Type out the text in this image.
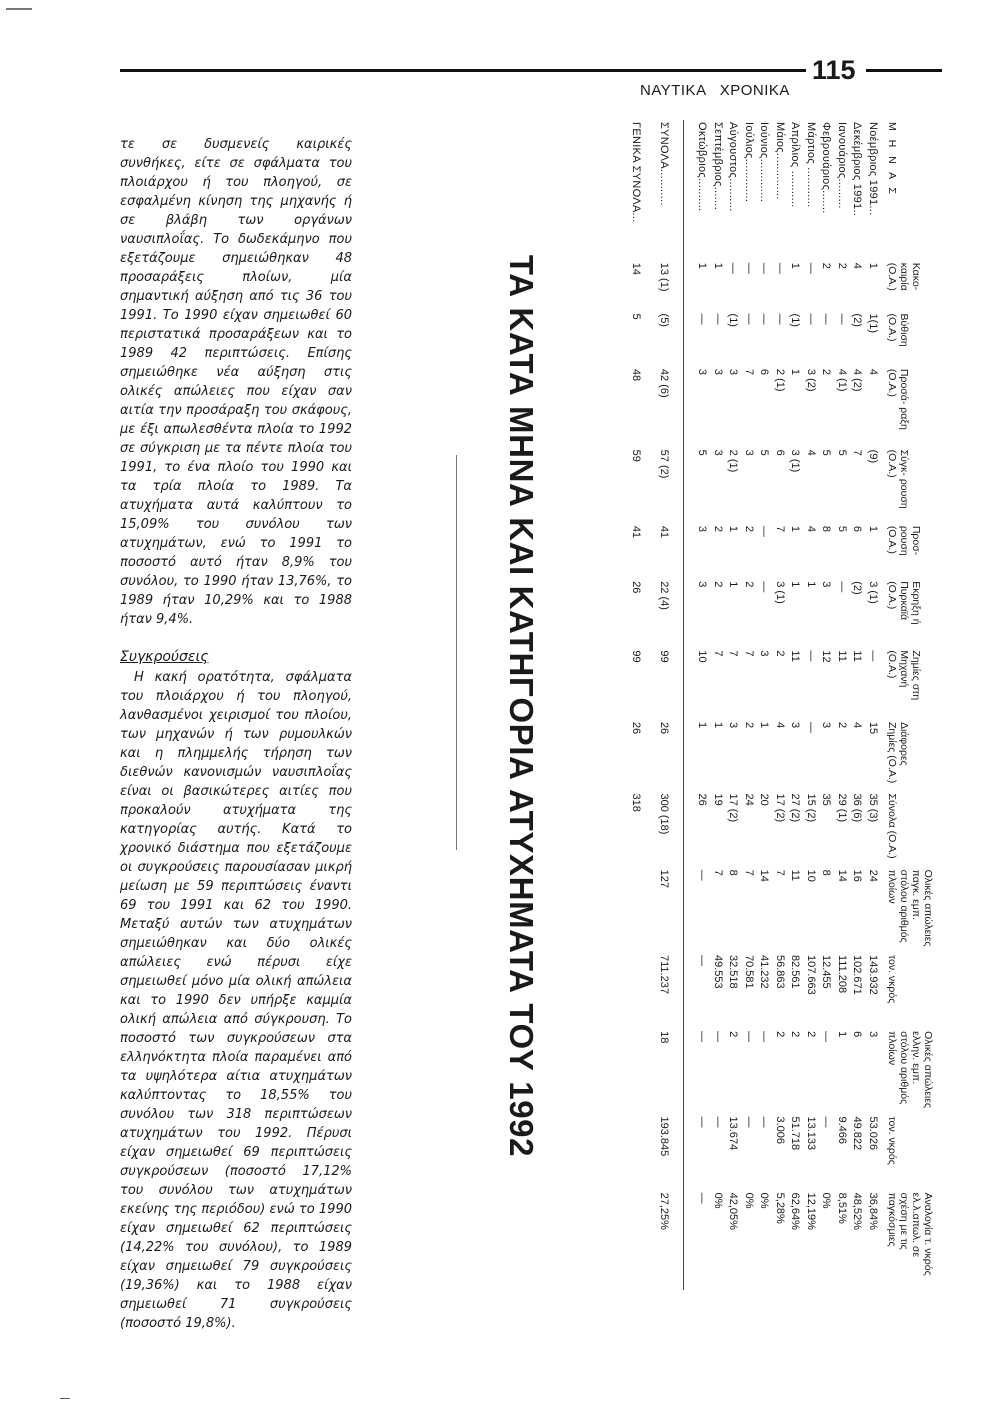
115
ΝΑΥΤΙΚΑ   ΧΡΟΝΙΚΑ

τε σε δυσμενείς καιρικές συνθήκες, είτε σε σφάλματα του πλοιάρχου ή του πλοηγού, σε εσφαλμένη κίνηση της μηχανής ή σε βλάβη των οργάνων ναυσιπλοΐας. Το δωδεκάμηνο που εξετάζουμε σημειώθηκαν 48 προσαράξεις πλοίων, μία σημαντική αύξηση από τις 36 του 1991. Το 1990 είχαν σημειωθεί 60 περιστατικά προσαράξεων και το 1989 42 περιπτώσεις. Επίσης σημειώθηκε νέα αύξηση στις ολικές απώλειες που είχαν σαν αιτία την προσάραξη του σκάφους, με έξι απωλεσθέντα πλοία το 1992 σε σύγκριση με τα πέντε πλοία του 1991, το ένα πλοίο του 1990 και τα τρία πλοία το 1989. Τα ατυχήματα αυτά καλύπτουν το 15,09% του συνόλου των ατυχημάτων, ενώ το 1991 το ποσοστό αυτό ήταν 8,9% του συνόλου, το 1990 ήταν 13,76%, το 1989 ήταν 10,29% και το 1988 ήταν 9,4%.

Συγκρούσεις

Η κακή ορατότητα, σφάλματα του πλοιάρχου ή του πλοηγού, λανθασμένοι χειρισμοί του πλοίου, των μηχανών ή των ρυμουλκών και η πλημμελής τήρηση των διεθνών κανονισμών ναυσιπλοΐας είναι οι βασικώτερες αιτίες που προκαλούν ατυχήματα της κατηγορίας αυτής. Κατά το χρονικό διάστημα που εξετάζουμε οι συγκρούσεις παρουσίασαν μικρή μείωση με 59 περιπτώσεις έναντι 69 του 1991 και 62 του 1990. Μεταξύ αυτών των ατυχημάτων σημειώθηκαν και δύο ολικές απώλειες ενώ πέρυσι είχε σημειωθεί μόνο μία ολική απώλεια και το 1990 δεν υπήρξε καμμία ολική απώλεια από σύγκρουση. Το ποσοστό των συγκρούσεων στα ελληνόκτητα πλοία παραμένει από τα υψηλότερα αίτια ατυχημάτων καλύπτοντας το 18,55% του συνόλου των 318 περιπτώσεων ατυχημάτων του 1992. Πέρυσι είχαν σημειωθεί 69 περιπτώσεις συγκρούσεων (ποσοστό 17,12% του συνόλου των ατυχημάτων εκείνης της περιόδου) ενώ το 1990 είχαν σημειωθεί 62 περιπτώσεις (14,22% του συνόλου), το 1989 είχαν σημειωθεί 79 συγκρούσεις (19,36%) και το 1988 είχαν σημειωθεί 71 συγκρούσεις (ποσοστό 19,8%).

Μ Η Ν Α Σ	Κακο- καιρία (Ο.Α.)	Βύθιση (Ο.Α.)	Προσά- ραξη (Ο.Α.)	Σύγκ- ρουση (Ο.Α.)	Προσ- ρουση (Ο.Α.)	Εκρηξη ή Πυρκαϊά (Ο.Α.)	Ζημίες στη Μηχανή (Ο.Α.)	Διάφορες Ζημίες (Ο.Α.)	Σύνολα (Ο.Α.)	Ολικές απώλειες παγκ. εμπ. στόλου αριθμός πλοίων	τον. νκρός	Ολικές απώλειες ελλην. εμπ. στόλου αριθμός πλοίων	τον. νκρός	Αναλογία τ. νκρός ελ.λ.απωλ. σε σχέση με τις παγκόσμιες
Νοέμβριος 1991...	1	1(1)	4	(9)	1	3 (1)	—	15	35 (3)	24	143.932	3	53.026	36,84%
Δεκέμβριος 1991..	4	(2)	4 (2)	7	6	(2)	11	4	36 (6)	16	102.671	6	49.822	48,52%
Ιανουάριος.........	2	—	4 (1)	5	5	—	11	2	29 (1)	14	111.208	1	9.466	8,51%
Φεβρουάριος.......	2	—	2	5	8	3	12	3	35	8	12.455	—	—	0%
Μάρτιος ............	—	—	3 (2)	4	4	1	—	—	15 (2)	10	107.663	2	13.133	12,19%
Απρίλιος ...........	1	(1)	1	3 (1)	1	1	11	3	27 (2)	11	82.561	2	51.718	62,64%
Μάιος..............	—	—	2 (1)	6	7	3 (1)	2	4	17 (2)	7	56.863	2	3.006	5,28%
Ιούνιος.............	—	—	6	5	—	—	3	1	20	14	41.232	—	—	0%
Ιούλιος.............	—	—	7	3	2	2	7	2	24	7	70.581	—	—	0%
Αύγουστος..........	—	(1)	3	2 (1)	1	1	7	3	17 (2)	8	32.518	2	13.674	42,05%
Σεπτέμβριος.......	1	—	3	3	2	2	7	1	19	7	49.553	—	—	0%
Οκτώβριος..........	1	—	3	5	3	3	10	1	26	—	—	—	—	—

ΣΥΝΟΛΑ...........	13 (1)	(5)	42 (6)	57 (2)	41	22 (4)	99	26	300 (18)	127	711.237	18	193.845	27,25%
ΓΕΝΙΚΑ ΣΥΝΟΛΑ...	14	5	48	59	41	26	99	26	318					
ΤΑ ΚΑΤΑ ΜΗΝΑ ΚΑΙ ΚΑΤΗΓΟΡΙΑ ΑΤΥΧΗΜΑΤΑ ΤΟΥ 1992
